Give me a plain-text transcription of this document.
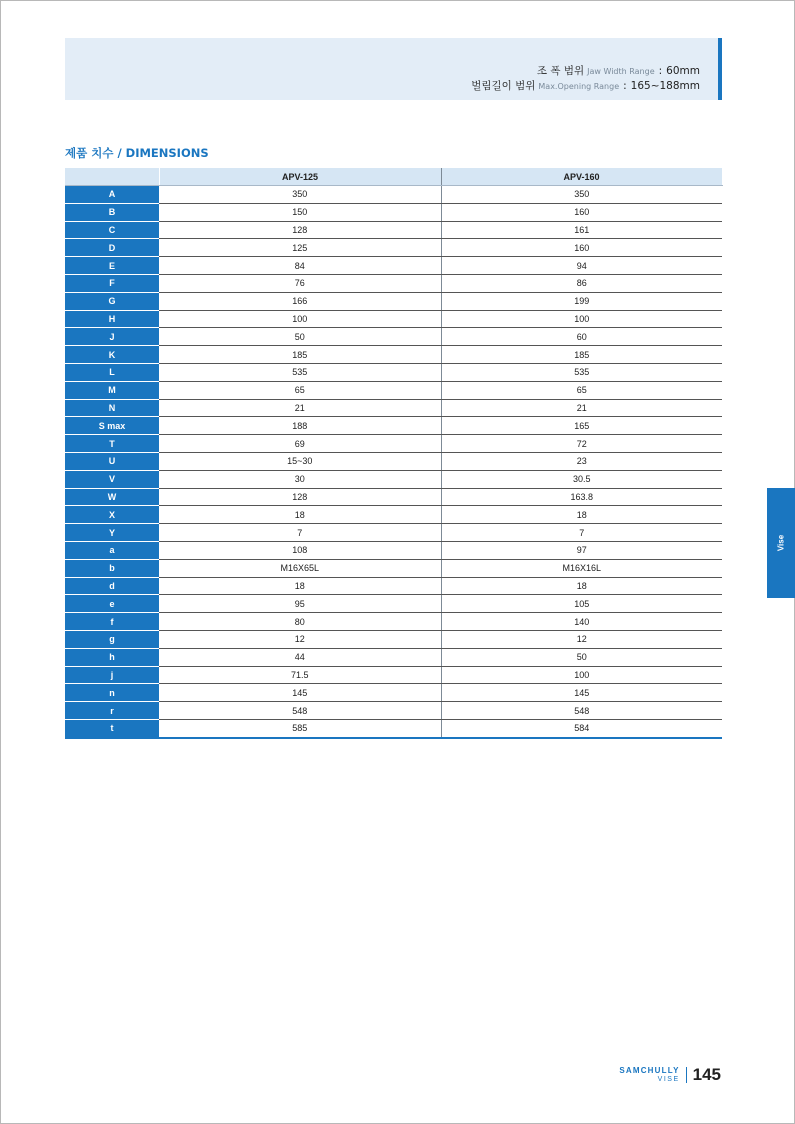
조 폭 범위 Jaw Width Range : 60mm
벌림길이 범위 Max.Opening Range : 165~188mm
제품 치수 / DIMENSIONS
	APV-125	APV-160
A	350	350
B	150	160
C	128	161
D	125	160
E	84	94
F	76	86
G	166	199
H	100	100
J	50	60
K	185	185
L	535	535
M	65	65
N	21	21
S max	188	165
T	69	72
U	15~30	23
V	30	30.5
W	128	163.8
X	18	18
Y	7	7
a	108	97
b	M16X65L	M16X16L
d	18	18
e	95	105
f	80	140
g	12	12
h	44	50
j	71.5	100
n	145	145
r	548	548
t	585	584
Vise
SAMCHULLY
VISE 145
